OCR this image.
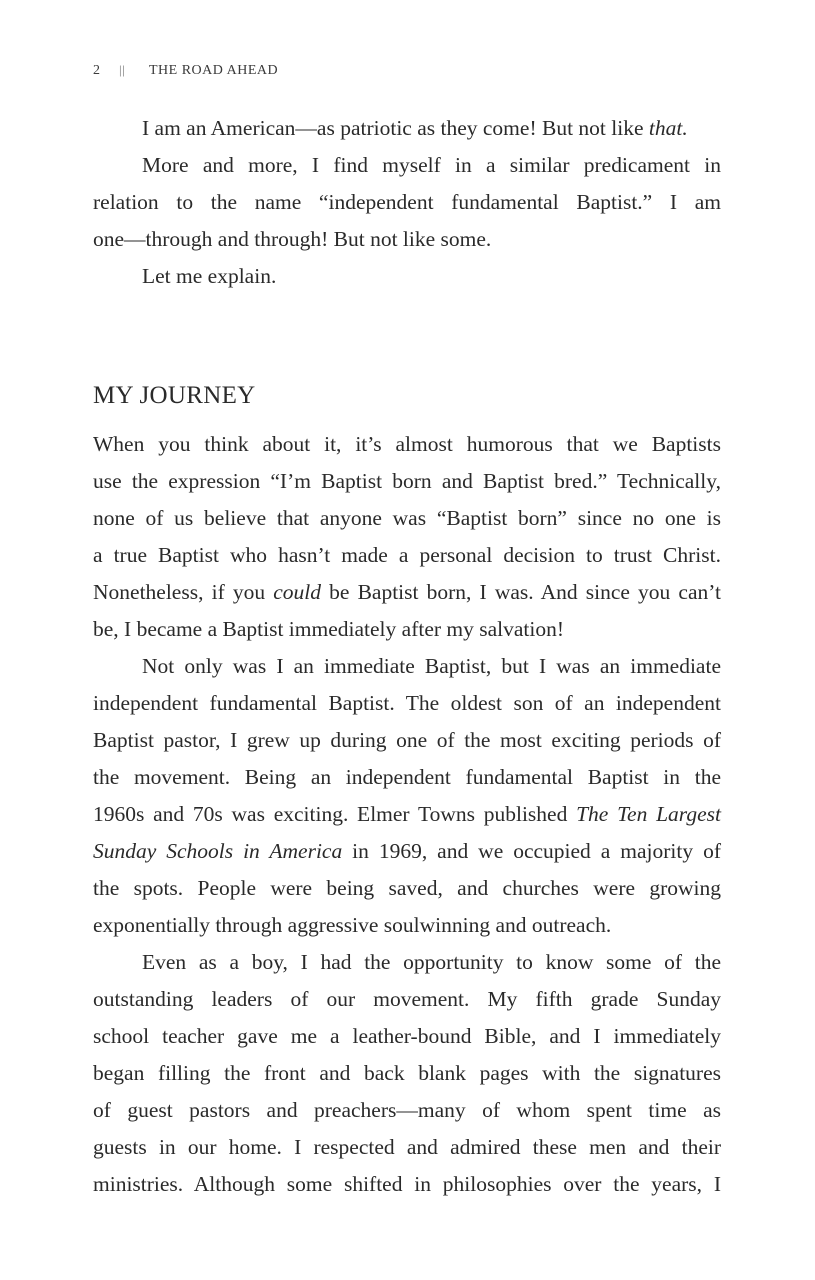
2 || THE ROAD AHEAD
I am an American—as patriotic as they come! But not like that.
More and more, I find myself in a similar predicament in
relation to the name “independent fundamental Baptist.” I am
one—through and through! But not like some.
Let me explain.
MY JOURNEY
When you think about it, it’s almost humorous that we Baptists
use the expression “I’m Baptist born and Baptist bred.” Technically,
none of us believe that anyone was “Baptist born” since no one is
a true Baptist who hasn’t made a personal decision to trust Christ.
Nonetheless, if you could be Baptist born, I was. And since you can’t
be, I became a Baptist immediately after my salvation!
Not only was I an immediate Baptist, but I was an immediate
independent fundamental Baptist. The oldest son of an independent
Baptist pastor, I grew up during one of the most exciting periods of
the movement. Being an independent fundamental Baptist in the
1960s and 70s was exciting. Elmer Towns published The Ten Largest
Sunday Schools in America in 1969, and we occupied a majority of
the spots. People were being saved, and churches were growing
exponentially through aggressive soulwinning and outreach.
Even as a boy, I had the opportunity to know some of the
outstanding leaders of our movement. My fifth grade Sunday
school teacher gave me a leather-bound Bible, and I immediately
began filling the front and back blank pages with the signatures
of guest pastors and preachers—many of whom spent time as
guests in our home. I respected and admired these men and their
ministries. Although some shifted in philosophies over the years, I
